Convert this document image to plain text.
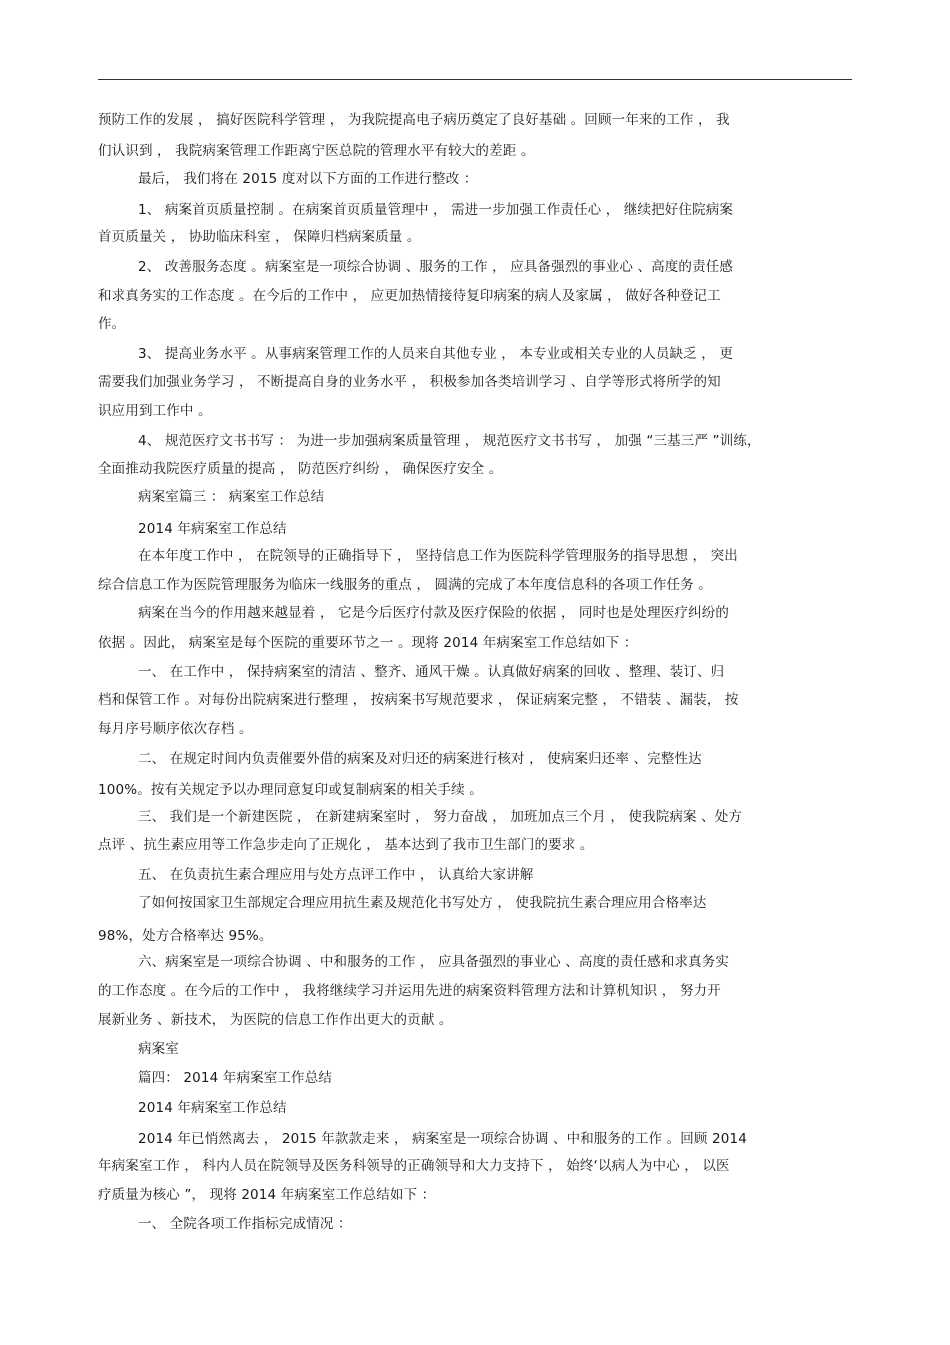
预防工作的发展 ， 搞好医院科学管理 ， 为我院提高电子病历奠定了良好基础 。回顾一年来的工作 ， 我
们认识到 ， 我院病案管理工作距离宁医总院的管理水平有较大的差距 。
最后， 我们将在 2015 度对以下方面的工作进行整改 ：
1、 病案首页质量控制 。在病案首页质量管理中 ， 需进一步加强工作责任心 ， 继续把好住院病案
首页质量关 ， 协助临床科室 ， 保障归档病案质量 。
2、 改善服务态度 。病案室是一项综合协调 、服务的工作 ， 应具备强烈的事业心 、高度的责任感
和求真务实的工作态度 。在今后的工作中 ， 应更加热情接待复印病案的病人及家属 ， 做好各种登记工
作。
3、 提高业务水平 。从事病案管理工作的人员来自其他专业 ， 本专业或相关专业的人员缺乏 ， 更
需要我们加强业务学习 ， 不断提高自身的业务水平 ， 积极参加各类培训学习 、自学等形式将所学的知
识应用到工作中 。
4、 规范医疗文书书写 ： 为进一步加强病案质量管理 ， 规范医疗文书书写 ， 加强 “三基三严 ”训练，
全面推动我院医疗质量的提高 ， 防范医疗纠纷 ， 确保医疗安全 。
病案室篇三 ： 病案室工作总结
2014 年病案室工作总结
在本年度工作中 ， 在院领导的正确指导下 ， 坚持信息工作为医院科学管理服务的指导思想 ， 突出
综合信息工作为医院管理服务为临床一线服务的重点 ， 圆满的完成了本年度信息科的各项工作任务 。
病案在当今的作用越来越显着 ， 它是今后医疗付款及医疗保险的依据 ， 同时也是处理医疗纠纷的
依据 。因此， 病案室是每个医院的重要环节之一 。现将 2014 年病案室工作总结如下 ：
一、 在工作中 ， 保持病案室的清洁 、整齐、通风干燥 。认真做好病案的回收 、整理、装订、归
档和保管工作 。对每份出院病案进行整理 ， 按病案书写规范要求 ， 保证病案完整 ， 不错装 、漏装， 按
每月序号顺序依次存档 。
二、 在规定时间内负责催要外借的病案及对归还的病案进行核对 ， 使病案归还率 、完整性达
100%。按有关规定予以办理同意复印或复制病案的相关手续 。
三、 我们是一个新建医院 ， 在新建病案室时 ， 努力奋战 ， 加班加点三个月 ， 使我院病案 、处方
点评 、抗生素应用等工作急步走向了正规化 ， 基本达到了我市卫生部门的要求 。
五、 在负责抗生素合理应用与处方点评工作中 ， 认真给大家讲解
了如何按国家卫生部规定合理应用抗生素及规范化书写处方 ， 使我院抗生素合理应用合格率达
98%，处方合格率达 95%。
六、病案室是一项综合协调 、中和服务的工作 ， 应具备强烈的事业心 、高度的责任感和求真务实
的工作态度 。在今后的工作中 ， 我将继续学习并运用先进的病案资料管理方法和计算机知识 ， 努力开
展新业务 、新技术， 为医院的信息工作作出更大的贡献 。
病案室
篇四： 2014 年病案室工作总结
2014 年病案室工作总结
2014 年已悄然离去 ， 2015 年款款走来 ， 病案室是一项综合协调 、中和服务的工作 。回顾 2014
年病案室工作 ， 科内人员在院领导及医务科领导的正确领导和大力支持下 ， 始终‘以病人为中心 ， 以医
疗质量为核心 ”， 现将 2014 年病案室工作总结如下 ：
一、 全院各项工作指标完成情况 ：
